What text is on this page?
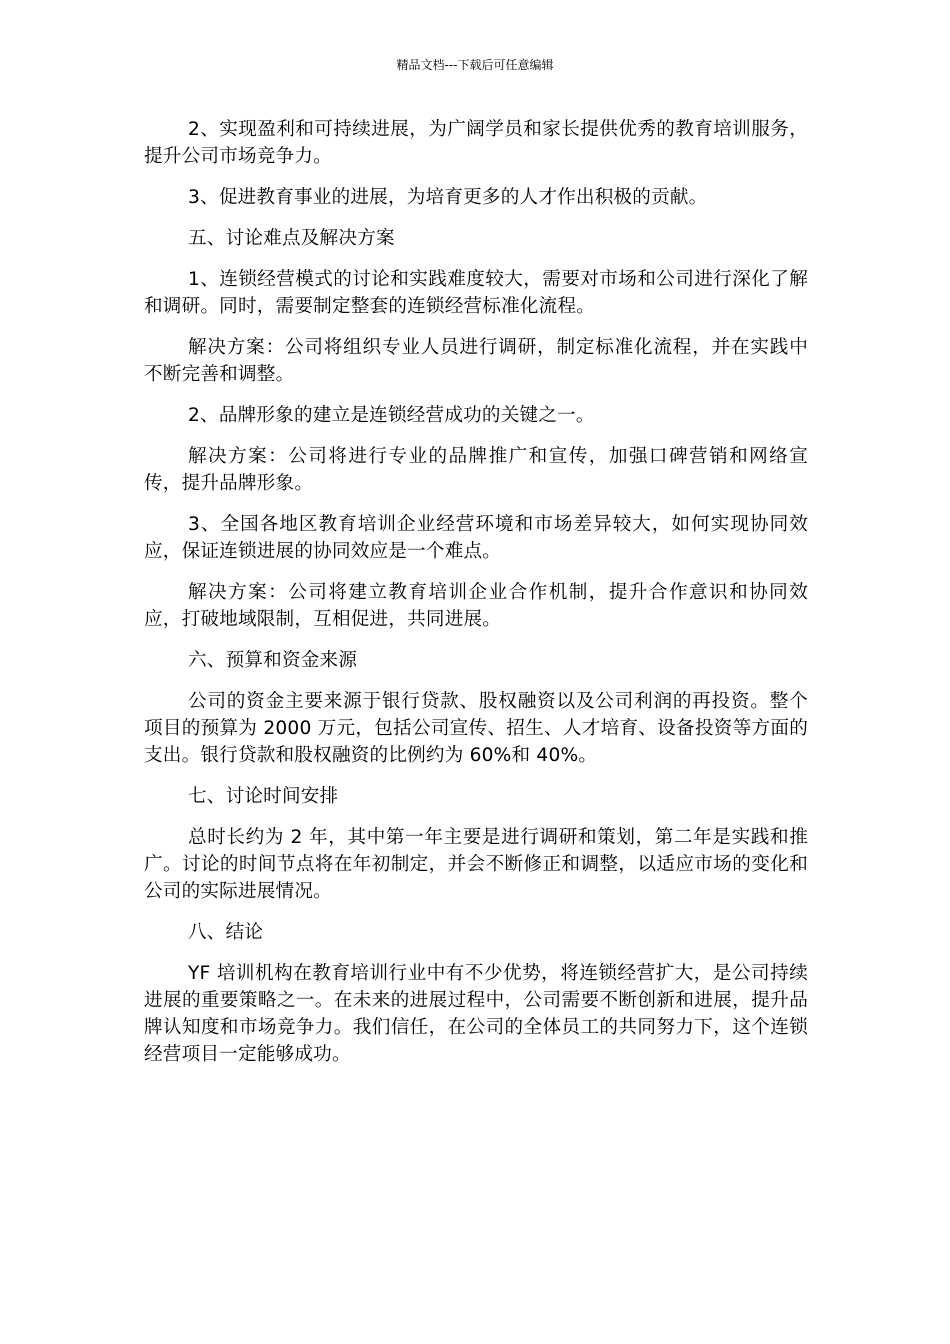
精品文档---下载后可任意编辑

2、实现盈利和可持续进展，为广阔学员和家长提供优秀的教育培训服务，提升公司市场竞争力。

3、促进教育事业的进展，为培育更多的人才作出积极的贡献。

五、讨论难点及解决方案

1、连锁经营模式的讨论和实践难度较大，需要对市场和公司进行深化了解和调研。同时，需要制定整套的连锁经营标准化流程。

解决方案：公司将组织专业人员进行调研，制定标准化流程，并在实践中不断完善和调整。

2、品牌形象的建立是连锁经营成功的关键之一。

解决方案：公司将进行专业的品牌推广和宣传，加强口碑营销和网络宣传，提升品牌形象。

3、全国各地区教育培训企业经营环境和市场差异较大，如何实现协同效应，保证连锁进展的协同效应是一个难点。

解决方案：公司将建立教育培训企业合作机制，提升合作意识和协同效应，打破地域限制，互相促进，共同进展。

六、预算和资金来源

公司的资金主要来源于银行贷款、股权融资以及公司利润的再投资。整个项目的预算为 2000 万元，包括公司宣传、招生、人才培育、设备投资等方面的支出。银行贷款和股权融资的比例约为 60%和 40%。

七、讨论时间安排

总时长约为 2 年，其中第一年主要是进行调研和策划，第二年是实践和推广。讨论的时间节点将在年初制定，并会不断修正和调整，以适应市场的变化和公司的实际进展情况。

八、结论

YF 培训机构在教育培训行业中有不少优势，将连锁经营扩大，是公司持续进展的重要策略之一。在未来的进展过程中，公司需要不断创新和进展，提升品牌认知度和市场竞争力。我们信任，在公司的全体员工的共同努力下，这个连锁经营项目一定能够成功。
